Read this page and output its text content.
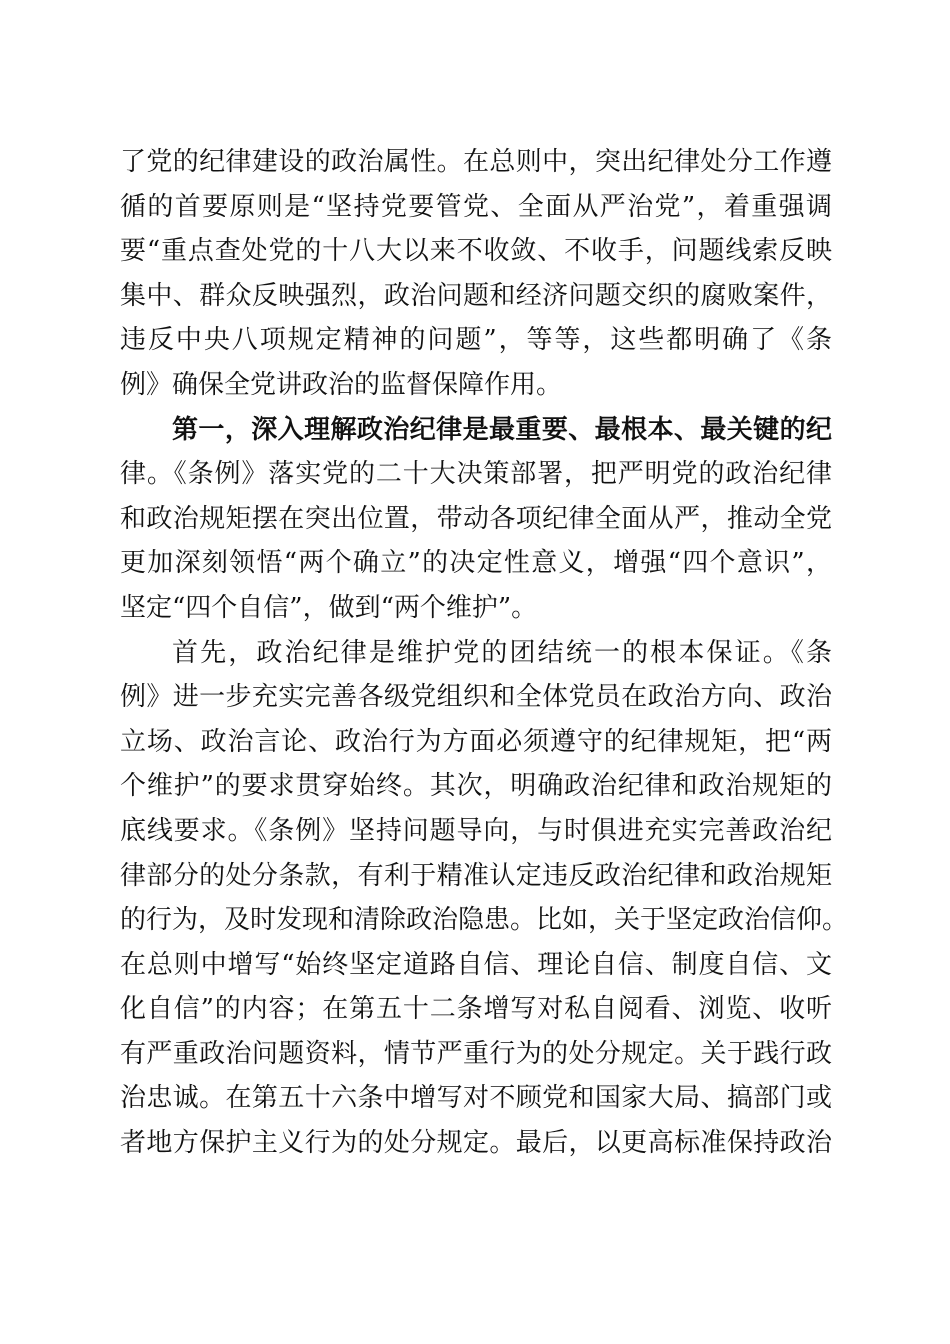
了党的纪律建设的政治属性。在总则中，突出纪律处分工作遵
循的首要原则是“坚持党要管党、全面从严治党”，着重强调
要“重点查处党的十八大以来不收敛、不收手，问题线索反映
集中、群众反映强烈，政治问题和经济问题交织的腐败案件，
违反中央八项规定精神的问题”，等等，这些都明确了《条
例》确保全党讲政治的监督保障作用。
第一，深入理解政治纪律是最重要、最根本、最关键的纪
律。《条例》落实党的二十大决策部署，把严明党的政治纪律
和政治规矩摆在突出位置，带动各项纪律全面从严，推动全党
更加深刻领悟“两个确立”的决定性意义，增强“四个意识”，
坚定“四个自信”，做到“两个维护”。
首先，政治纪律是维护党的团结统一的根本保证。《条
例》进一步充实完善各级党组织和全体党员在政治方向、政治
立场、政治言论、政治行为方面必须遵守的纪律规矩，把“两
个维护”的要求贯穿始终。其次，明确政治纪律和政治规矩的
底线要求。《条例》坚持问题导向，与时俱进充实完善政治纪
律部分的处分条款，有利于精准认定违反政治纪律和政治规矩
的行为，及时发现和清除政治隐患。比如，关于坚定政治信仰。
在总则中增写“始终坚定道路自信、理论自信、制度自信、文
化自信”的内容；在第五十二条增写对私自阅看、浏览、收听
有严重政治问题资料，情节严重行为的处分规定。关于践行政
治忠诚。在第五十六条中增写对不顾党和国家大局、搞部门或
者地方保护主义行为的处分规定。最后，以更高标准保持政治
